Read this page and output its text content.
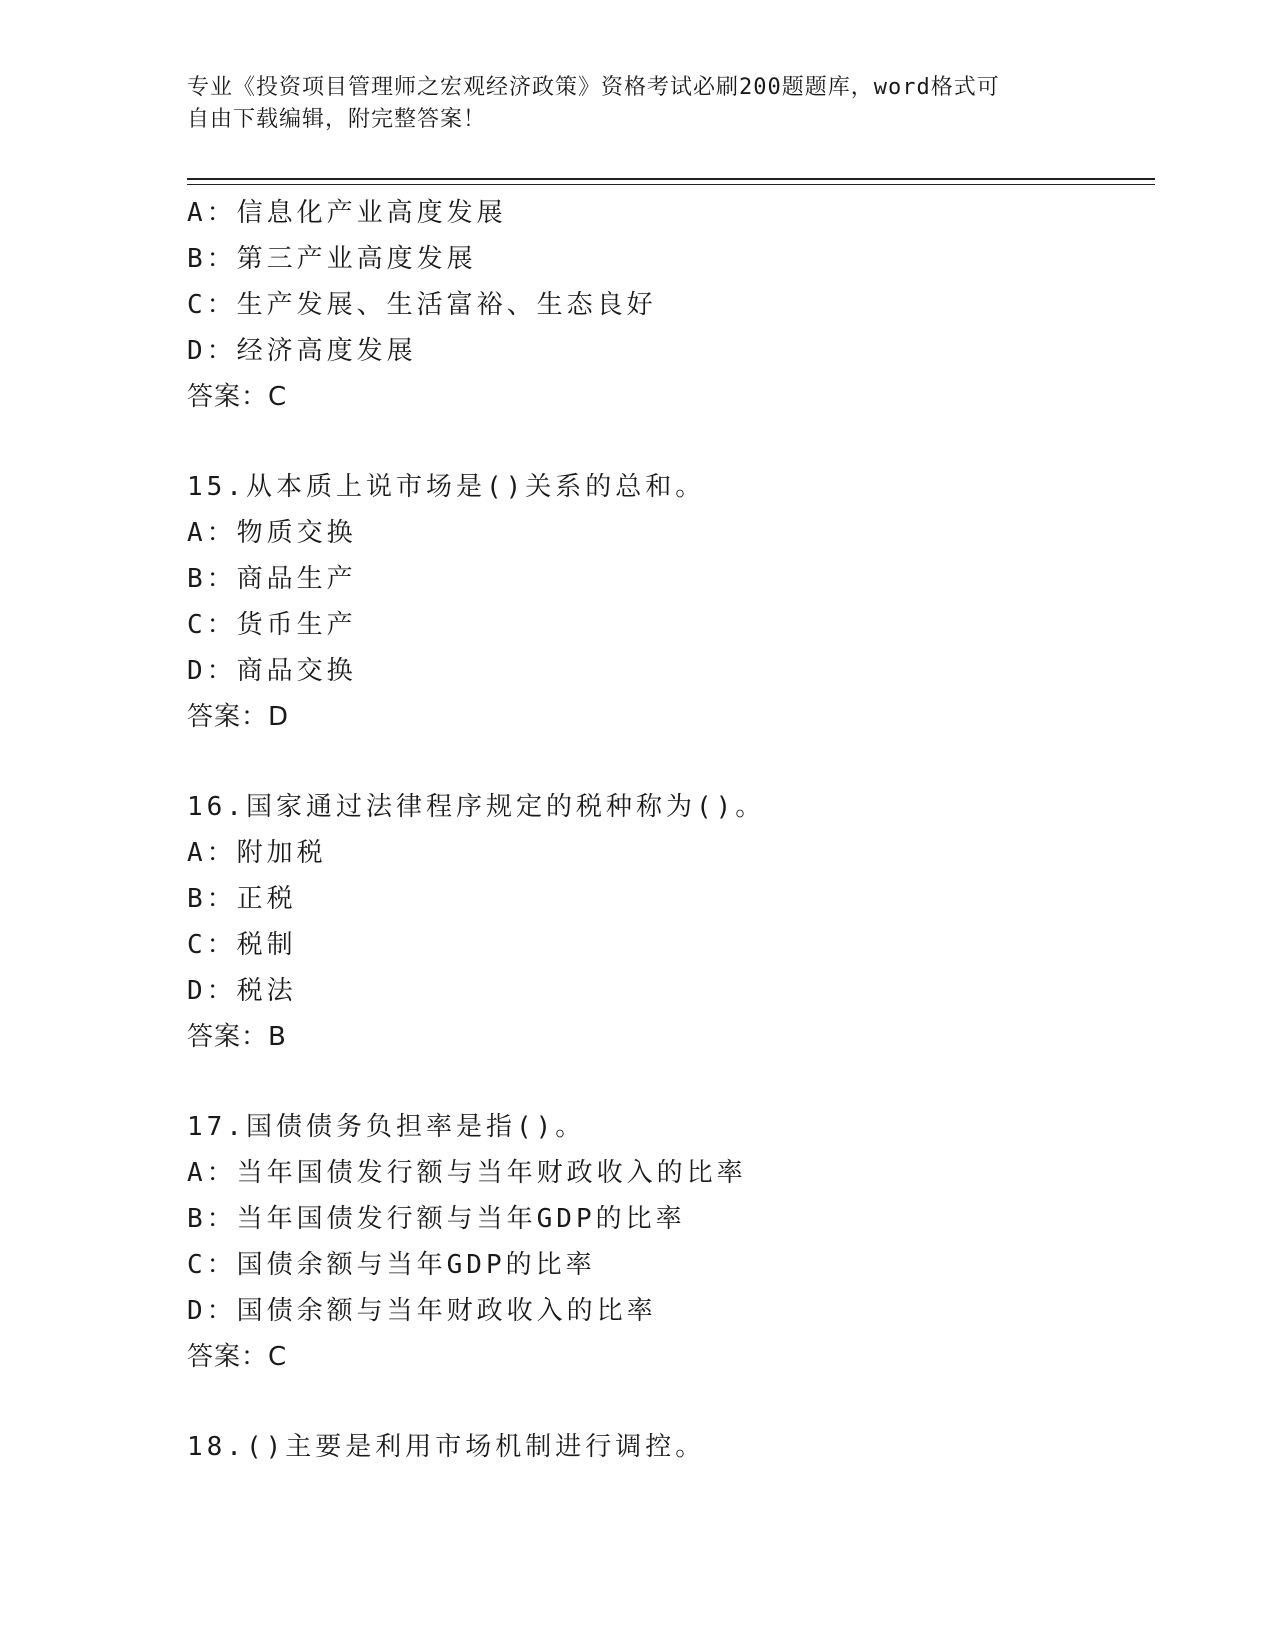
专业《投资项目管理师之宏观经济政策》资格考试必刷200题题库，word格式可
自由下载编辑，附完整答案！
A：信息化产业高度发展
B：第三产业高度发展
C：生产发展、生活富裕、生态良好
D：经济高度发展
答案：C
15.从本质上说市场是()关系的总和。
A：物质交换
B：商品生产
C：货币生产
D：商品交换
答案：D
16.国家通过法律程序规定的税种称为()。
A：附加税
B：正税
C：税制
D：税法
答案：B
17.国债债务负担率是指()。
A：当年国债发行额与当年财政收入的比率
B：当年国债发行额与当年GDP的比率
C：国债余额与当年GDP的比率
D：国债余额与当年财政收入的比率
答案：C
18.()主要是利用市场机制进行调控。
